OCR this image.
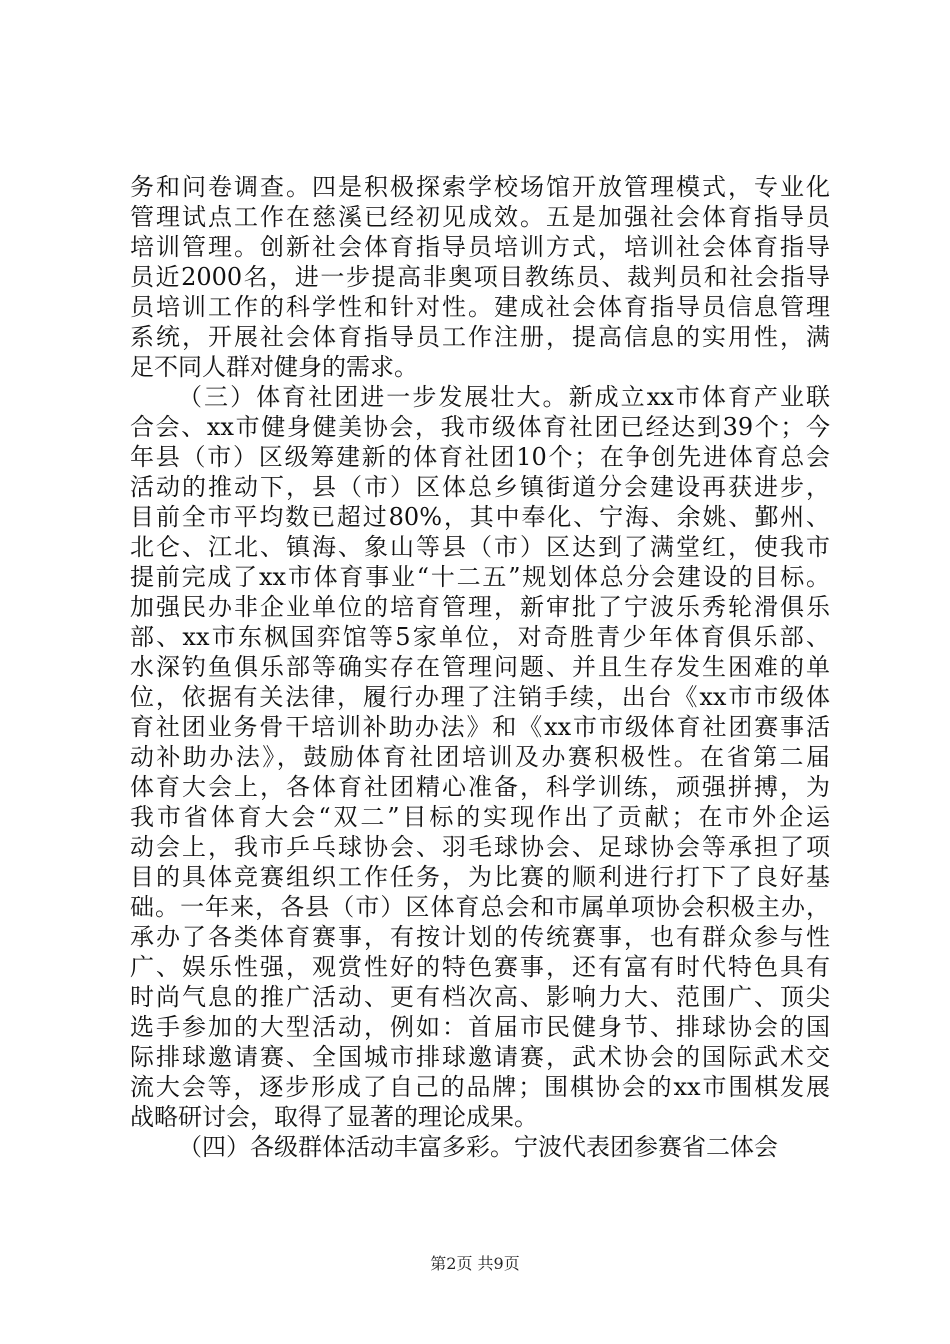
务和问卷调查。四是积极探索学校场馆开放管理模式，专业化
管理试点工作在慈溪已经初见成效。五是加强社会体育指导员
培训管理。创新社会体育指导员培训方式，培训社会体育指导
员近2000名，进一步提高非奥项目教练员、裁判员和社会指导
员培训工作的科学性和针对性。建成社会体育指导员信息管理
系统，开展社会体育指导员工作注册，提高信息的实用性，满
足不同人群对健身的需求。
（三）体育社团进一步发展壮大。新成立xx市体育产业联
合会、xx市健身健美协会，我市级体育社团已经达到39个；今
年县（市）区级筹建新的体育社团10个；在争创先进体育总会
活动的推动下，县（市）区体总乡镇街道分会建设再获进步，
目前全市平均数已超过80%，其中奉化、宁海、余姚、鄞州、
北仑、江北、镇海、象山等县（市）区达到了满堂红，使我市
提前完成了xx市体育事业“十二五”规划体总分会建设的目标。
加强民办非企业单位的培育管理，新审批了宁波乐秀轮滑俱乐
部、xx市东枫国弈馆等5家单位，对奇胜青少年体育俱乐部、
水深钓鱼俱乐部等确实存在管理问题、并且生存发生困难的单
位，依据有关法律，履行办理了注销手续，出台《xx市市级体
育社团业务骨干培训补助办法》和《xx市市级体育社团赛事活
动补助办法》，鼓励体育社团培训及办赛积极性。在省第二届
体育大会上，各体育社团精心准备，科学训练，顽强拼搏，为
我市省体育大会“双二”目标的实现作出了贡献；在市外企运
动会上，我市乒乓球协会、羽毛球协会、足球协会等承担了项
目的具体竞赛组织工作任务，为比赛的顺利进行打下了良好基
础。一年来，各县（市）区体育总会和市属单项协会积极主办，
承办了各类体育赛事，有按计划的传统赛事，也有群众参与性
广、娱乐性强，观赏性好的特色赛事，还有富有时代特色具有
时尚气息的推广活动、更有档次高、影响力大、范围广、顶尖
选手参加的大型活动，例如：首届市民健身节、排球协会的国
际排球邀请赛、全国城市排球邀请赛，武术协会的国际武术交
流大会等，逐步形成了自己的品牌；围棋协会的xx市围棋发展
战略研讨会，取得了显著的理论成果。
（四）各级群体活动丰富多彩。宁波代表团参赛省二体会
第2页 共9页
